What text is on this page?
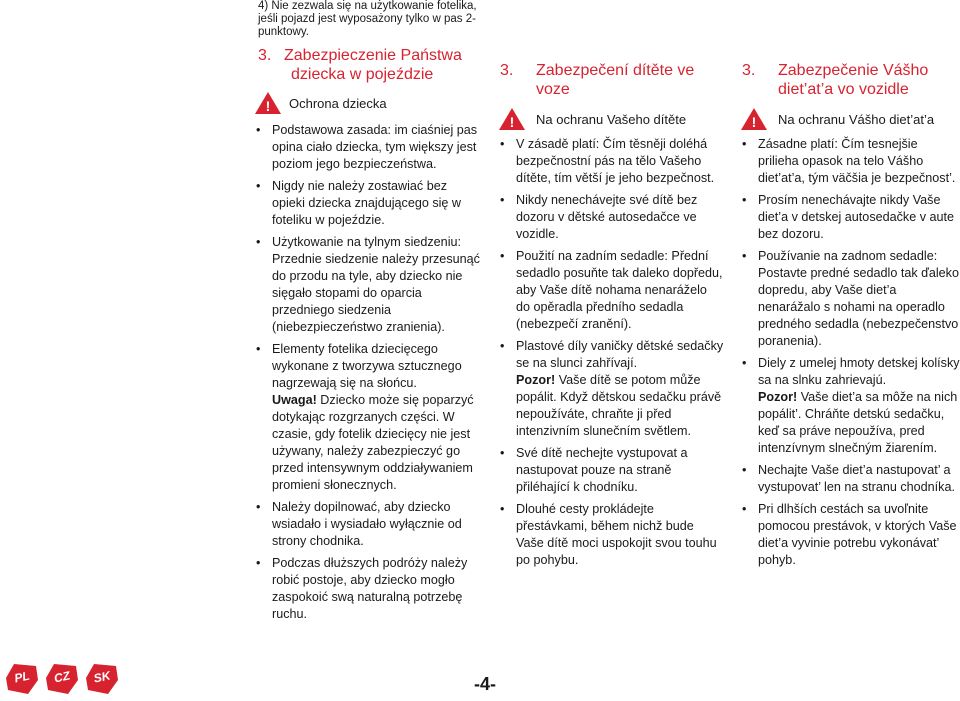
4) Nie zezwala się na użytkowanie fotelika, jeśli pojazd jest wyposażony tylko w pas 2-punktowy.
3. Zabezpieczenie Państwa
dziecka w pojeździe
! Ochrona dziecka
• Podstawowa zasada: im ciaśniej pas opina ciało dziecka, tym większy jest poziom jego bezpieczeństwa.
• Nigdy nie należy zostawiać bez opieki dziecka znajdującego się w foteliku w pojeździe.
• Użytkowanie na tylnym siedzeniu: Przednie siedzenie należy przesunąć do przodu na tyle, aby dziecko nie sięgało stopami do oparcia przedniego siedzenia (niebezpieczeństwo zranienia).
• Elementy fotelika dziecięcego wykonane z tworzywa sztucznego nagrzewają się na słońcu.
Uwaga! Dziecko może się poparzyć dotykając rozgrzanych części. W czasie, gdy fotelik dziecięcy nie jest używany, należy zabezpieczyć go przed intensywnym oddziaływaniem promieni słonecznych.
• Należy dopilnować, aby dziecko wsiadało i wysiadało wyłącznie od strony chodnika.
• Podczas dłuższych podróży należy robić postoje, aby dziecko mogło zaspokoić swą naturalną potrzebę ruchu.
3. Zabezpečení dítěte ve
voze
! Na ochranu Vašeho dítěte
• V zásadě platí: Čím těsněji doléhá bezpečnostní pás na tělo Vašeho dítěte, tím větší je jeho bezpečnost.
• Nikdy nenechávejte své dítě bez dozoru v dětské autosedačce ve vozidle.
• Použití na zadním sedadle: Přední sedadlo posuňte tak daleko dopředu, aby Vaše dítě nohama nenaráželo do opěradla předního sedadla (nebezpečí zranění).
• Plastové díly vaničky dětské sedačky se na slunci zahřívají.
Pozor! Vaše dítě se potom může popálit. Když dětskou sedačku právě nepoužíváte, chraňte ji před intenzivním slunečním světlem.
• Své dítě nechejte vystupovat a nastupovat pouze na straně přiléhající k chodníku.
• Dlouhé cesty prokládejte přestávkami, během nichž bude Vaše dítě moci uspokojit svou touhu po pohybu.
3. Zabezpečenie Vášho
diet’at’a vo vozidle
! Na ochranu Vášho diet’at’a
• Zásadne platí: Čím tesnejšie prilieha opasok na telo Vášho diet’at’a, tým väčšia je bezpečnost’.
• Prosím nenechávajte nikdy Vaše diet’a v detskej autosedačke v aute bez dozoru.
• Používanie na zadnom sedadle: Postavte predné sedadlo tak ďaleko dopredu, aby Vaše diet’a nenarážalo s nohami na operadlo predného sedadla (nebezpečenstvo poranenia).
• Diely z umelej hmoty detskej kolísky sa na slnku zahrievajú.
Pozor! Vaše diet’a sa môže na nich popálit’. Chráňte detskú sedačku, keď sa práve nepoužíva, pred intenzívnym slnečným žiarením.
• Nechajte Vaše diet’a nastupovat’ a vystupovat’ len na stranu chodníka.
• Pri dlhších cestách sa uvoľnite pomocou prestávok, v ktorých Vaše diet’a vyvinie potrebu vykonávat’ pohyb.
PL	CZ	SK	-4-
